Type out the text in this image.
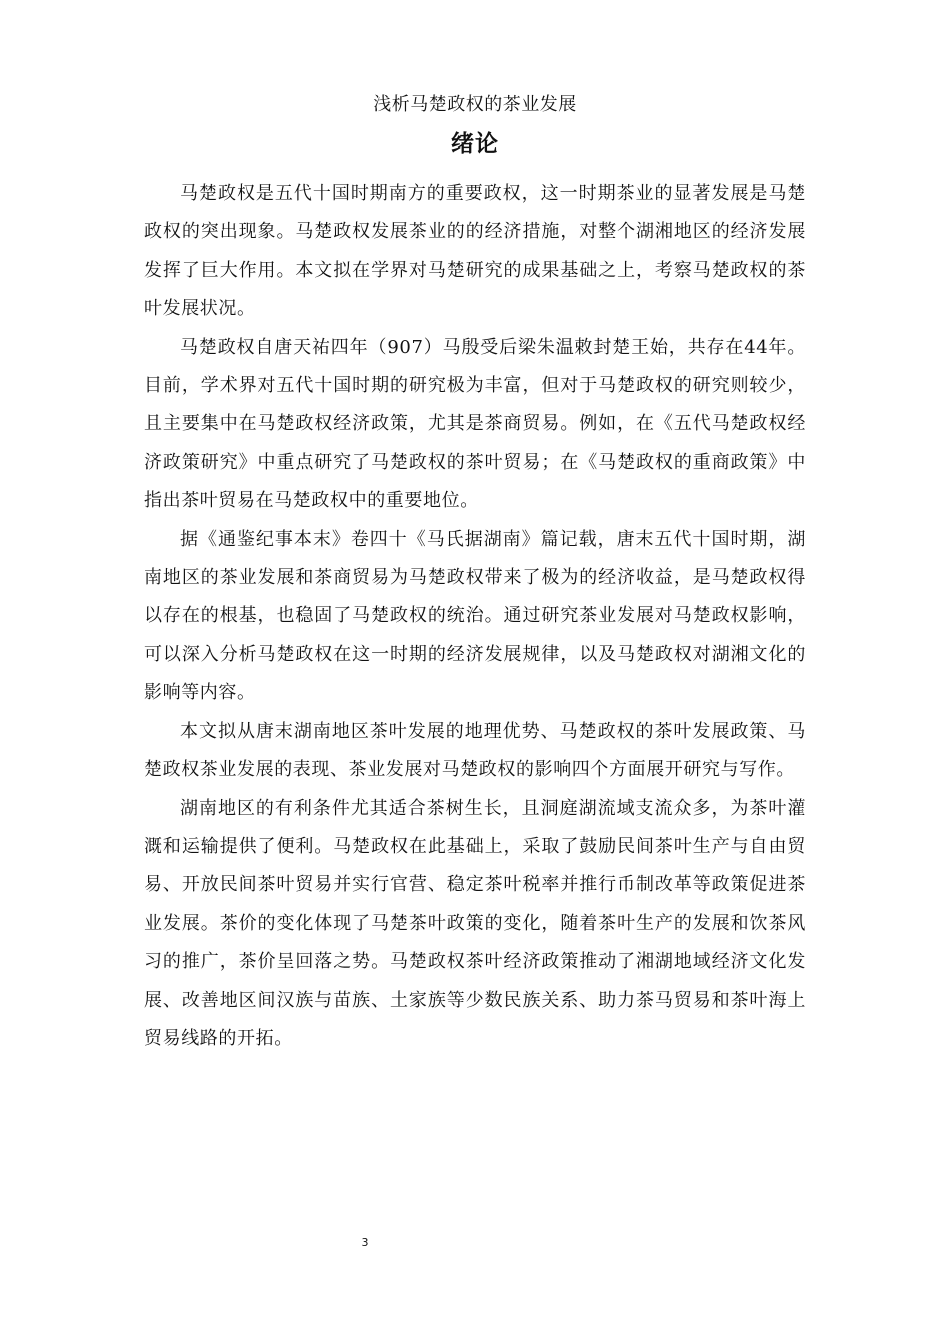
浅析马楚政权的茶业发展
绪论

马楚政权是五代十国时期南方的重要政权，这一时期茶业的显著发展是马楚政权的突出现象。马楚政权发展茶业的的经济措施，对整个湖湘地区的经济发展发挥了巨大作用。本文拟在学界对马楚研究的成果基础之上，考察马楚政权的茶叶发展状况。

马楚政权自唐天祐四年（907）马殷受后梁朱温敕封楚王始，共存在44年。目前，学术界对五代十国时期的研究极为丰富，但对于马楚政权的研究则较少，且主要集中在马楚政权经济政策，尤其是茶商贸易。例如，在《五代马楚政权经济政策研究》中重点研究了马楚政权的茶叶贸易；在《马楚政权的重商政策》中指出茶叶贸易在马楚政权中的重要地位。

据《通鉴纪事本末》卷四十《马氏据湖南》篇记载，唐末五代十国时期，湖南地区的茶业发展和茶商贸易为马楚政权带来了极为的经济收益，是马楚政权得以存在的根基，也稳固了马楚政权的统治。通过研究茶业发展对马楚政权影响，可以深入分析马楚政权在这一时期的经济发展规律，以及马楚政权对湖湘文化的影响等内容。

本文拟从唐末湖南地区茶叶发展的地理优势、马楚政权的茶叶发展政策、马楚政权茶业发展的表现、茶业发展对马楚政权的影响四个方面展开研究与写作。

湖南地区的有利条件尤其适合茶树生长，且洞庭湖流域支流众多，为茶叶灌溉和运输提供了便利。马楚政权在此基础上，采取了鼓励民间茶叶生产与自由贸易、开放民间茶叶贸易并实行官营、稳定茶叶税率并推行币制改革等政策促进茶业发展。茶价的变化体现了马楚茶叶政策的变化，随着茶叶生产的发展和饮茶风习的推广，茶价呈回落之势。马楚政权茶叶经济政策推动了湘湖地域经济文化发展、改善地区间汉族与苗族、土家族等少数民族关系、助力茶马贸易和茶叶海上贸易线路的开拓。

3
